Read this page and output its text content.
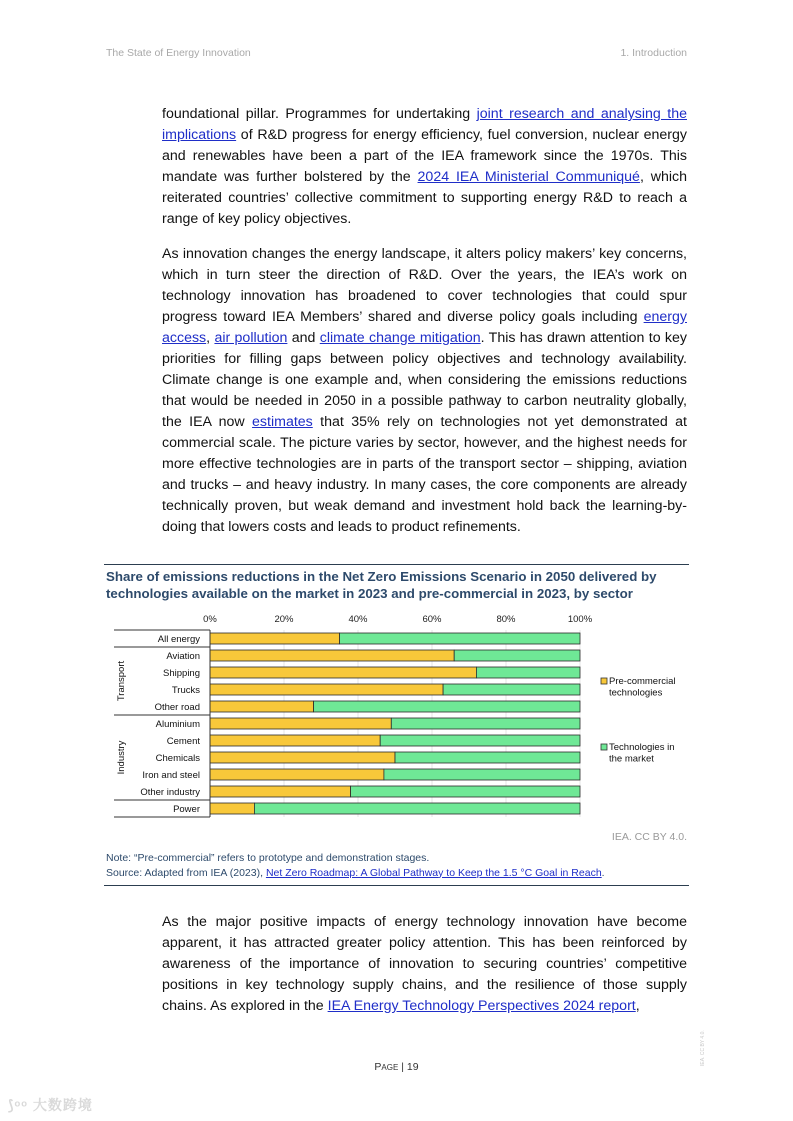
The State of Energy Innovation	1. Introduction

foundational pillar. Programmes for undertaking joint research and analysing the implications of R&D progress for energy efficiency, fuel conversion, nuclear energy and renewables have been a part of the IEA framework since the 1970s. This mandate was further bolstered by the 2024 IEA Ministerial Communiqué, which reiterated countries’ collective commitment to supporting energy R&D to reach a range of key policy objectives.

As innovation changes the energy landscape, it alters policy makers’ key concerns, which in turn steer the direction of R&D. Over the years, the IEA’s work on technology innovation has broadened to cover technologies that could spur progress toward IEA Members’ shared and diverse policy goals including energy access, air pollution and climate change mitigation. This has drawn attention to key priorities for filling gaps between policy objectives and technology availability. Climate change is one example and, when considering the emissions reductions that would be needed in 2050 in a possible pathway to carbon neutrality globally, the IEA now estimates that 35% rely on technologies not yet demonstrated at commercial scale. The picture varies by sector, however, and the highest needs for more effective technologies are in parts of the transport sector – shipping, aviation and trucks – and heavy industry. In many cases, the core components are already technically proven, but weak demand and investment hold back the learning-by-doing that lowers costs and leads to product refinements.

Share of emissions reductions in the Net Zero Emissions Scenario in 2050 delivered by technologies available on the market in 2023 and pre-commercial in 2023, by sector
0%	20%	40%	60%	80%	100%
All energy
Aviation
Shipping
Trucks
Other road
Aluminium
Cement
Chemicals
Iron and steel
Other industry
Power
Transport
Industry
Pre-commercial
technologies
Technologies in
the market
IEA. CC BY 4.0.
Note: “Pre-commercial” refers to prototype and demonstration stages.
Source: Adapted from IEA (2023), Net Zero Roadmap: A Global Pathway to Keep the 1.5 °C Goal in Reach.

As the major positive impacts of energy technology innovation have become apparent, it has attracted greater policy attention. This has been reinforced by awareness of the importance of innovation to securing countries’ competitive positions in key technology supply chains, and the resilience of those supply chains. As explored in the IEA Energy Technology Perspectives 2024 report,

PAGE | 19
IEA. CC BY 4.0.
⟆ᵒᵒ 大数跨境
